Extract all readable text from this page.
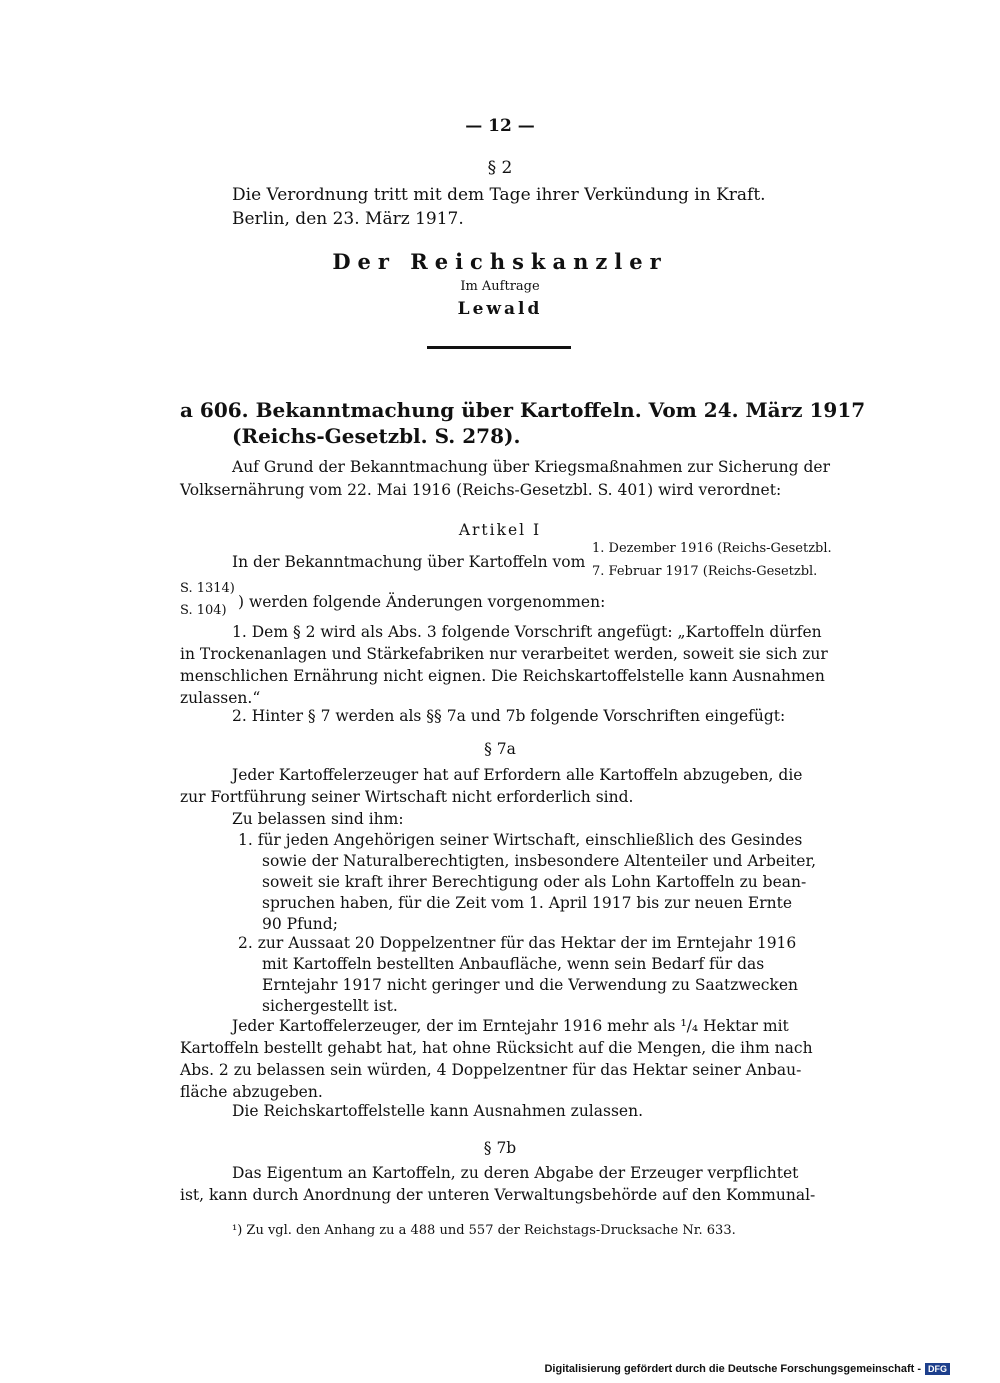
— 12 —
§ 2
Die Verordnung tritt mit dem Tage ihrer Verkündung in Kraft.
Berlin, den 23. März 1917.
Der Reichskanzler
Im Auftrage
Lewald
a 606. Bekanntmachung über Kartoffeln. Vom 24. März 1917
(Reichs-Gesetzbl. S. 278).
Auf Grund der Bekanntmachung über Kriegsmaßnahmen zur Sicherung der
Volksernährung vom 22. Mai 1916 (Reichs-Gesetzbl. S. 401) wird verordnet:
Artikel I
In der Bekanntmachung über Kartoffeln vom
1. Dezember 1916 (Reichs-Gesetzbl.
7. Februar 1917 (Reichs-Gesetzbl.
S. 1314)
S. 104) ) werden folgende Änderungen vorgenommen:
1. Dem § 2 wird als Abs. 3 folgende Vorschrift angefügt: „Kartoffeln dürfen
in Trockenanlagen und Stärkefabriken nur verarbeitet werden, soweit sie sich zur
menschlichen Ernährung nicht eignen. Die Reichskartoffelstelle kann Ausnahmen
zulassen.“
2. Hinter § 7 werden als §§ 7a und 7b folgende Vorschriften eingefügt:
§ 7a
Jeder Kartoffelerzeuger hat auf Erfordern alle Kartoffeln abzugeben, die
zur Fortführung seiner Wirtschaft nicht erforderlich sind.
Zu belassen sind ihm:
1. für jeden Angehörigen seiner Wirtschaft, einschließlich des Gesindes
sowie der Naturalberechtigten, insbesondere Altenteiler und Arbeiter,
soweit sie kraft ihrer Berechtigung oder als Lohn Kartoffeln zu bean-
spruchen haben, für die Zeit vom 1. April 1917 bis zur neuen Ernte
90 Pfund;
2. zur Aussaat 20 Doppelzentner für das Hektar der im Erntejahr 1916
mit Kartoffeln bestellten Anbaufläche, wenn sein Bedarf für das
Erntejahr 1917 nicht geringer und die Verwendung zu Saatzwecken
sichergestellt ist.
Jeder Kartoffelerzeuger, der im Erntejahr 1916 mehr als ¹/₄ Hektar mit
Kartoffeln bestellt gehabt hat, hat ohne Rücksicht auf die Mengen, die ihm nach
Abs. 2 zu belassen sein würden, 4 Doppelzentner für das Hektar seiner Anbau-
fläche abzugeben.
Die Reichskartoffelstelle kann Ausnahmen zulassen.
§ 7b
Das Eigentum an Kartoffeln, zu deren Abgabe der Erzeuger verpflichtet
ist, kann durch Anordnung der unteren Verwaltungsbehörde auf den Kommunal-
¹) Zu vgl. den Anhang zu a 488 und 557 der Reichstags-Drucksache Nr. 633.
Digitalisierung gefördert durch die Deutsche Forschungsgemeinschaft - DFG
